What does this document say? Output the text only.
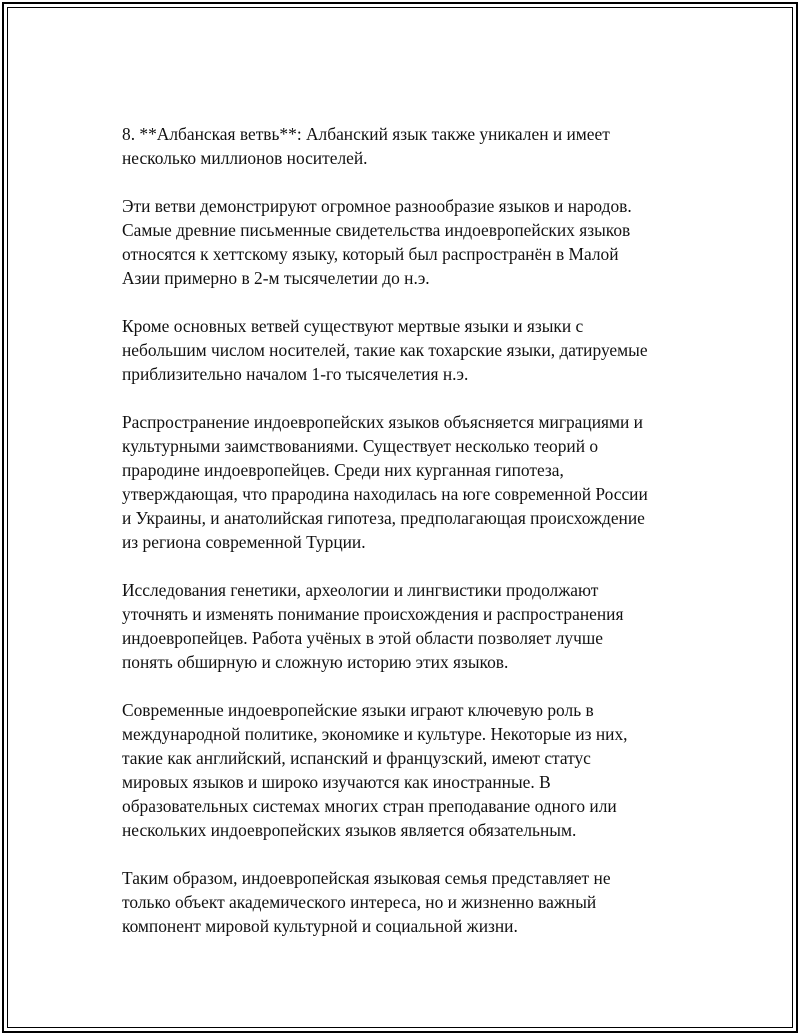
8. **Албанская ветвь**: Албанский язык также уникален и имеет
несколько миллионов носителей.

Эти ветви демонстрируют огромное разнообразие языков и народов.
Самые древние письменные свидетельства индоевропейских языков
относятся к хеттскому языку, который был распространён в Малой
Азии примерно в 2-м тысячелетии до н.э.

Кроме основных ветвей существуют мертвые языки и языки с
небольшим числом носителей, такие как тохарские языки, датируемые
приблизительно началом 1-го тысячелетия н.э.

Распространение индоевропейских языков объясняется миграциями и
культурными заимствованиями. Существует несколько теорий о
прародине индоевропейцев. Среди них курганная гипотеза,
утверждающая, что прародина находилась на юге современной России
и Украины, и анатолийская гипотеза, предполагающая происхождение
из региона современной Турции.

Исследования генетики, археологии и лингвистики продолжают
уточнять и изменять понимание происхождения и распространения
индоевропейцев. Работа учёных в этой области позволяет лучше
понять обширную и сложную историю этих языков.

Современные индоевропейские языки играют ключевую роль в
международной политике, экономике и культуре. Некоторые из них,
такие как английский, испанский и французский, имеют статус
мировых языков и широко изучаются как иностранные. В
образовательных системах многих стран преподавание одного или
нескольких индоевропейских языков является обязательным.

Таким образом, индоевропейская языковая семья представляет не
только объект академического интереса, но и жизненно важный
компонент мировой культурной и социальной жизни.
